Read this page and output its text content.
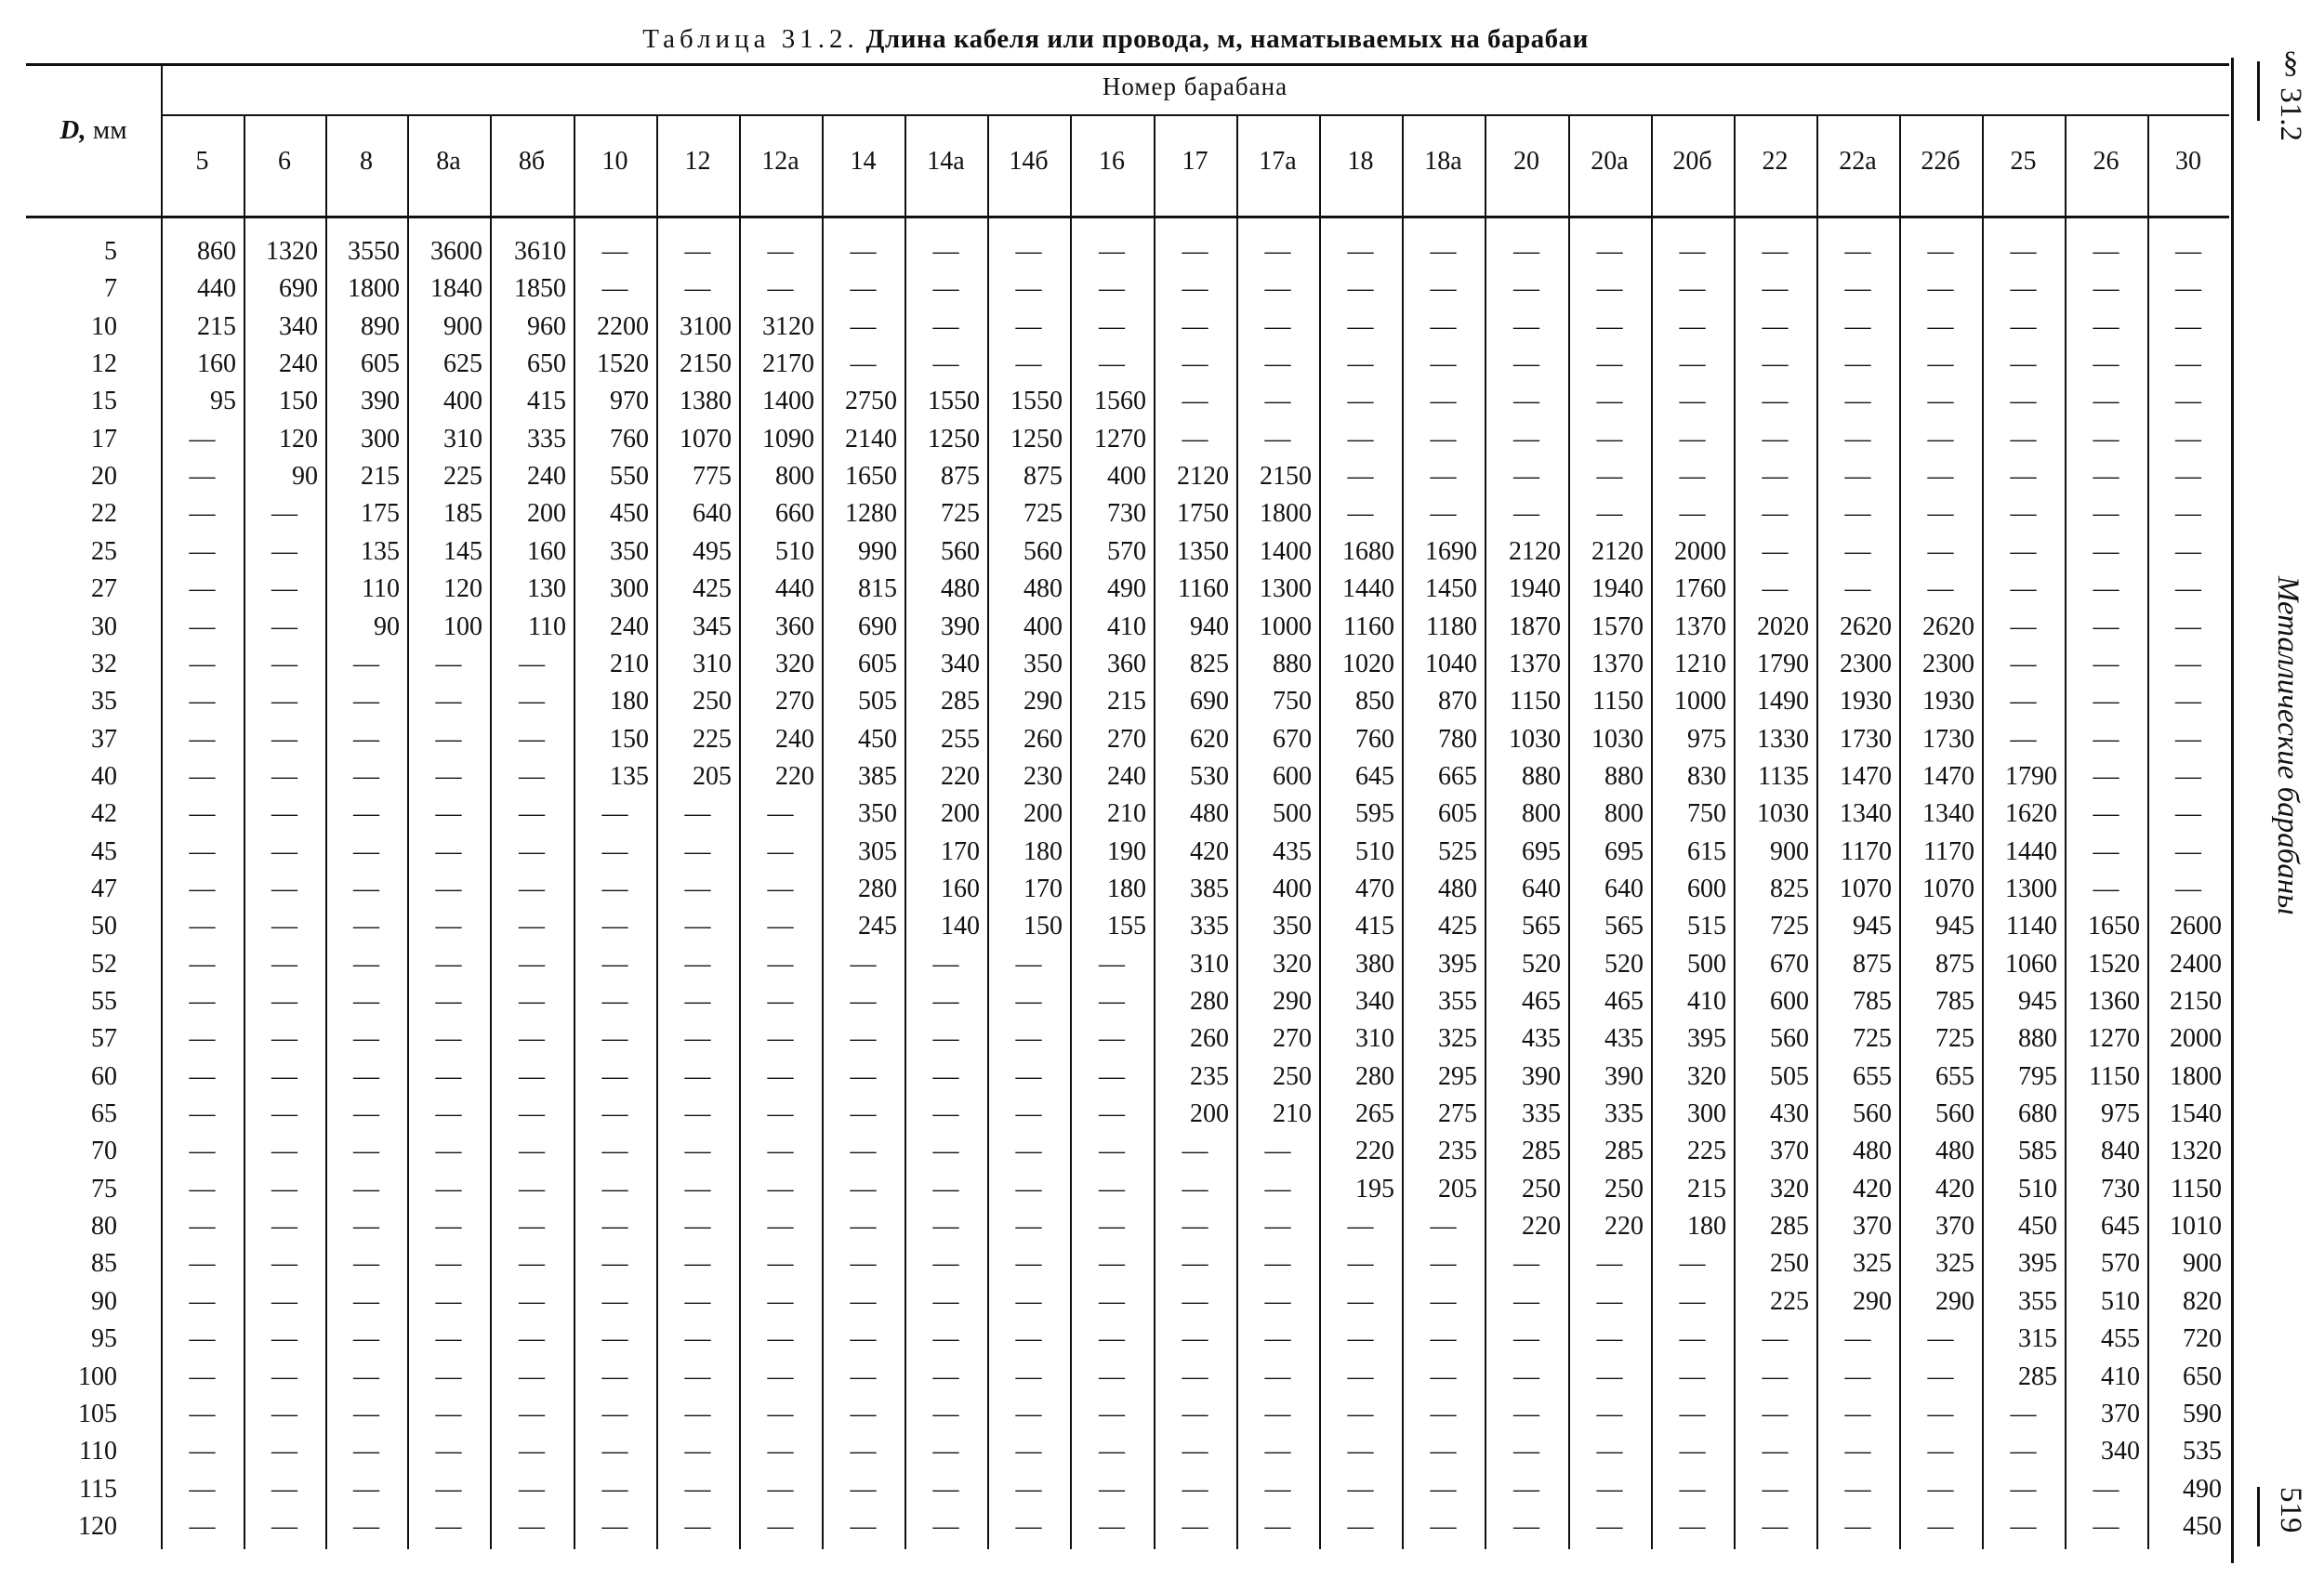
Таблица 31.2. Длина кабеля или провода, м, наматываемых на барабаи
D, мм
Номер барабана
5	6	8	8а	8б	10	12	12а	14	14а	14б	16	17	17а	18	18а	20	20а	20б	22	22а	22б	25	26	30
5	860	1320	3550	3600	3610	—	—	—	—	—	—	—	—	—	—	—	—	—	—	—	—	—	—	—	—
7	440	690	1800	1840	1850	—	—	—	—	—	—	—	—	—	—	—	—	—	—	—	—	—	—	—	—
10	215	340	890	900	960	2200	3100	3120	—	—	—	—	—	—	—	—	—	—	—	—	—	—	—	—	—
12	160	240	605	625	650	1520	2150	2170	—	—	—	—	—	—	—	—	—	—	—	—	—	—	—	—	—
15	95	150	390	400	415	970	1380	1400	2750	1550	1550	1560	—	—	—	—	—	—	—	—	—	—	—	—	—
17	—	120	300	310	335	760	1070	1090	2140	1250	1250	1270	—	—	—	—	—	—	—	—	—	—	—	—	—
20	—	90	215	225	240	550	775	800	1650	875	875	400	2120	2150	—	—	—	—	—	—	—	—	—	—	—
22	—	—	175	185	200	450	640	660	1280	725	725	730	1750	1800	—	—	—	—	—	—	—	—	—	—	—
25	—	—	135	145	160	350	495	510	990	560	560	570	1350	1400	1680	1690	2120	2120	2000	—	—	—	—	—	—
27	—	—	110	120	130	300	425	440	815	480	480	490	1160	1300	1440	1450	1940	1940	1760	—	—	—	—	—	—
30	—	—	90	100	110	240	345	360	690	390	400	410	940	1000	1160	1180	1870	1570	1370	2020	2620	2620	—	—	—
32	—	—	—	—	—	210	310	320	605	340	350	360	825	880	1020	1040	1370	1370	1210	1790	2300	2300	—	—	—
35	—	—	—	—	—	180	250	270	505	285	290	215	690	750	850	870	1150	1150	1000	1490	1930	1930	—	—	—
37	—	—	—	—	—	150	225	240	450	255	260	270	620	670	760	780	1030	1030	975	1330	1730	1730	—	—	—
40	—	—	—	—	—	135	205	220	385	220	230	240	530	600	645	665	880	880	830	1135	1470	1470	1790	—	—
42	—	—	—	—	—	—	—	—	350	200	200	210	480	500	595	605	800	800	750	1030	1340	1340	1620	—	—
45	—	—	—	—	—	—	—	—	305	170	180	190	420	435	510	525	695	695	615	900	1170	1170	1440	—	—
47	—	—	—	—	—	—	—	—	280	160	170	180	385	400	470	480	640	640	600	825	1070	1070	1300	—	—
50	—	—	—	—	—	—	—	—	245	140	150	155	335	350	415	425	565	565	515	725	945	945	1140	1650	2600
52	—	—	—	—	—	—	—	—	—	—	—	—	310	320	380	395	520	520	500	670	875	875	1060	1520	2400
55	—	—	—	—	—	—	—	—	—	—	—	—	280	290	340	355	465	465	410	600	785	785	945	1360	2150
57	—	—	—	—	—	—	—	—	—	—	—	—	260	270	310	325	435	435	395	560	725	725	880	1270	2000
60	—	—	—	—	—	—	—	—	—	—	—	—	235	250	280	295	390	390	320	505	655	655	795	1150	1800
65	—	—	—	—	—	—	—	—	—	—	—	—	200	210	265	275	335	335	300	430	560	560	680	975	1540
70	—	—	—	—	—	—	—	—	—	—	—	—	—	—	220	235	285	285	225	370	480	480	585	840	1320
75	—	—	—	—	—	—	—	—	—	—	—	—	—	—	195	205	250	250	215	320	420	420	510	730	1150
80	—	—	—	—	—	—	—	—	—	—	—	—	—	—	—	—	220	220	180	285	370	370	450	645	1010
85	—	—	—	—	—	—	—	—	—	—	—	—	—	—	—	—	—	—	—	250	325	325	395	570	900
90	—	—	—	—	—	—	—	—	—	—	—	—	—	—	—	—	—	—	—	225	290	290	355	510	820
95	—	—	—	—	—	—	—	—	—	—	—	—	—	—	—	—	—	—	—	—	—	—	315	455	720
100	—	—	—	—	—	—	—	—	—	—	—	—	—	—	—	—	—	—	—	—	—	—	285	410	650
105	—	—	—	—	—	—	—	—	—	—	—	—	—	—	—	—	—	—	—	—	—	—	—	370	590
110	—	—	—	—	—	—	—	—	—	—	—	—	—	—	—	—	—	—	—	—	—	—	—	340	535
115	—	—	—	—	—	—	—	—	—	—	—	—	—	—	—	—	—	—	—	—	—	—	—	—	490
120	—	—	—	—	—	—	—	—	—	—	—	—	—	—	—	—	—	—	—	—	—	—	—	—	450
§ 31.2
Металлические барабаны
519
